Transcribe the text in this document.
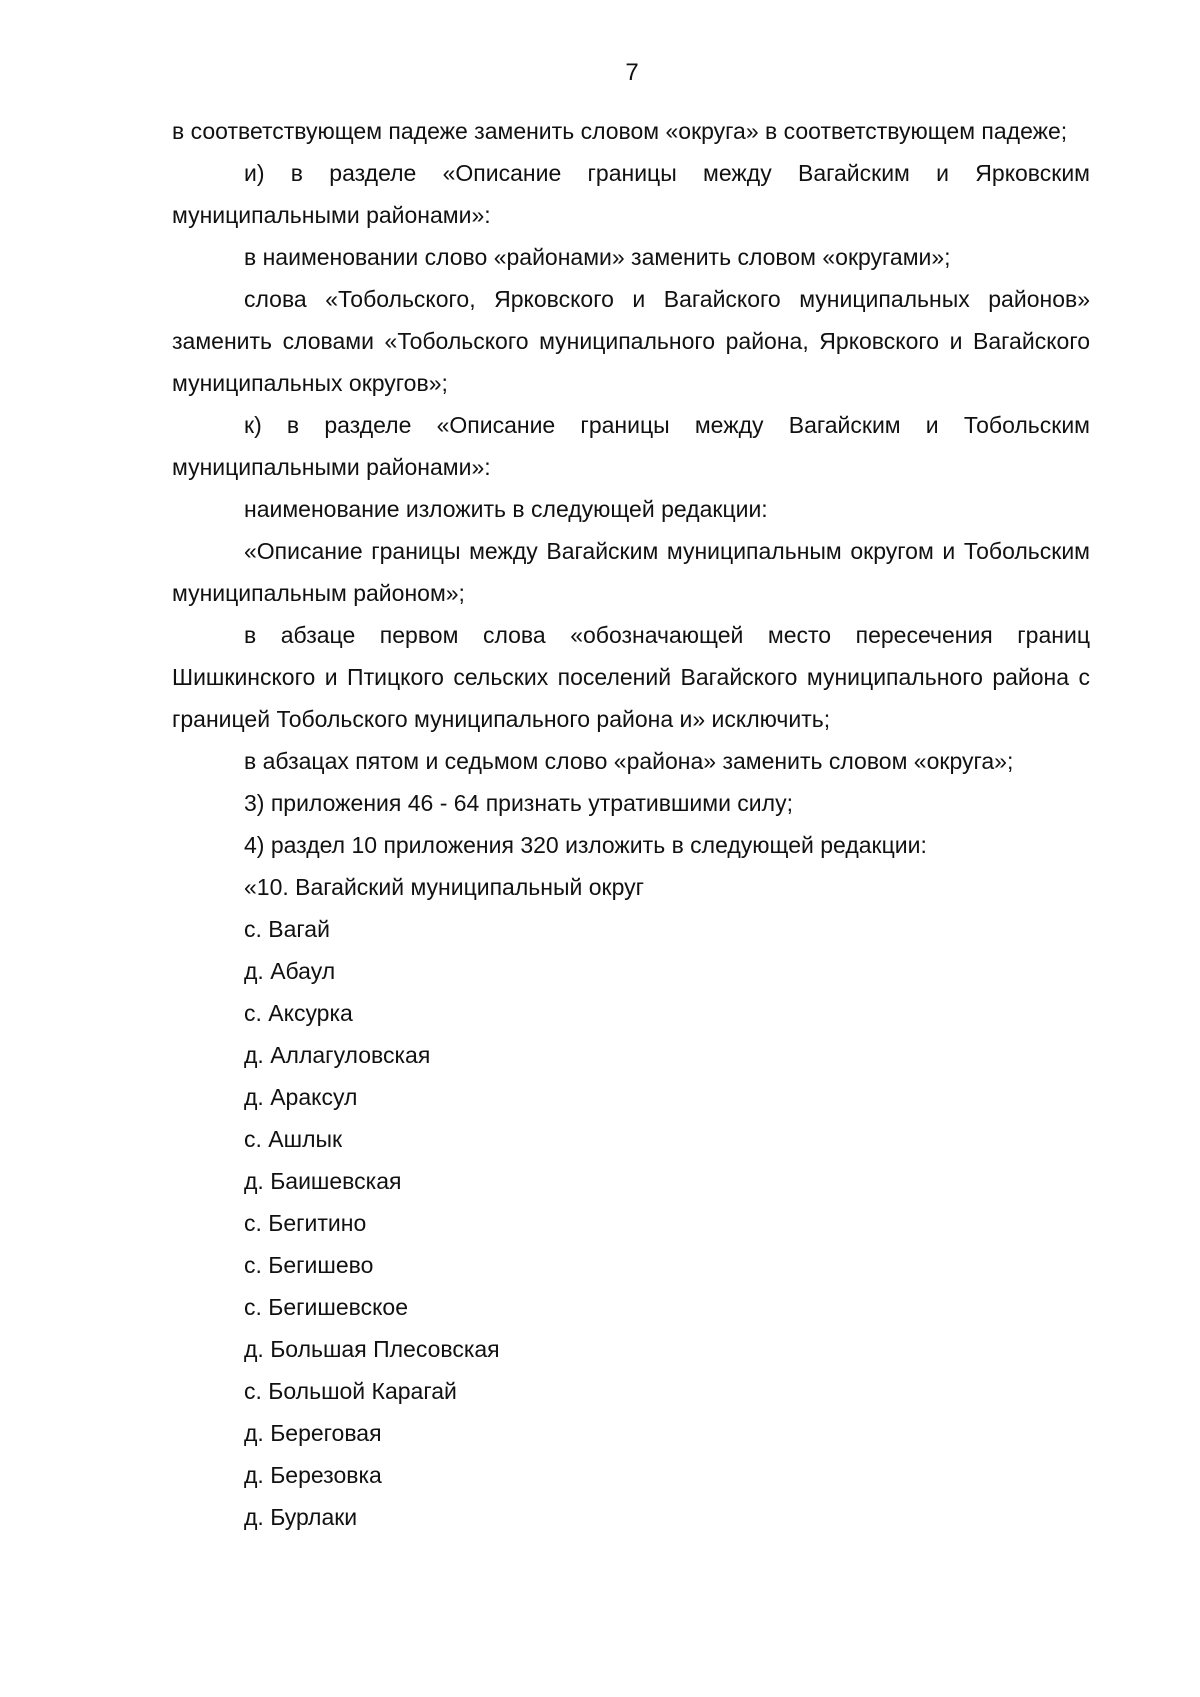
7

в соответствующем падеже заменить словом «округа» в соответствующем падеже;

и) в разделе «Описание границы между Вагайским и Ярковским муниципальными районами»:

в наименовании слово «районами» заменить словом «округами»;

слова «Тобольского, Ярковского и Вагайского муниципальных районов» заменить словами «Тобольского муниципального района, Ярковского и Вагайского муниципальных округов»;

к) в разделе «Описание границы между Вагайским и Тобольским муниципальными районами»:

наименование изложить в следующей редакции:

«Описание границы между Вагайским муниципальным округом и Тобольским муниципальным районом»;

в абзаце первом слова «обозначающей место пересечения границ Шишкинского и Птицкого сельских поселений Вагайского муниципального района с границей Тобольского муниципального района и» исключить;

в абзацах пятом и седьмом слово «района» заменить словом «округа»;

3) приложения 46 - 64 признать утратившими силу;

4) раздел 10 приложения 320 изложить в следующей редакции:

«10. Вагайский муниципальный округ

с. Вагай

д. Абаул

с. Аксурка

д. Аллагуловская

д. Араксул

с. Ашлык

д. Баишевская

с. Бегитино

с. Бегишево

с. Бегишевское

д. Большая Плесовская

с. Большой Карагай

д. Береговая

д. Березовка

д. Бурлаки
